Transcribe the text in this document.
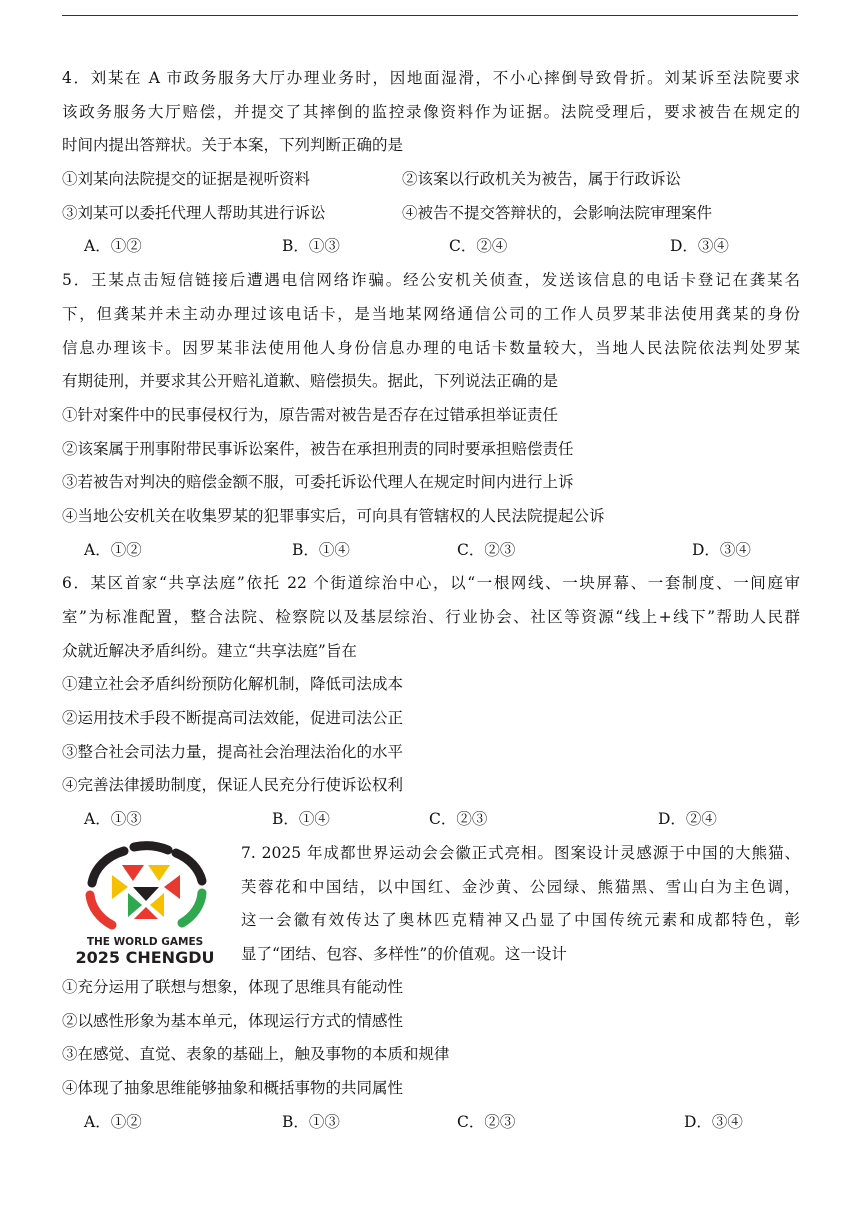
4．刘某在 A 市政务服务大厅办理业务时，因地面湿滑，不小心摔倒导致骨折。刘某诉至法院要求
该政务服务大厅赔偿，并提交了其摔倒的监控录像资料作为证据。法院受理后，要求被告在规定的
时间内提出答辩状。关于本案，下列判断正确的是
①刘某向法院提交的证据是视听资料	②该案以行政机关为被告，属于行政诉讼
③刘某可以委托代理人帮助其进行诉讼	④被告不提交答辩状的，会影响法院审理案件
A．①②	B．①③	C．②④	D．③④
5．王某点击短信链接后遭遇电信网络诈骗。经公安机关侦查，发送该信息的电话卡登记在龚某名
下，但龚某并未主动办理过该电话卡，是当地某网络通信公司的工作人员罗某非法使用龚某的身份
信息办理该卡。因罗某非法使用他人身份信息办理的电话卡数量较大，当地人民法院依法判处罗某
有期徒刑，并要求其公开赔礼道歉、赔偿损失。据此，下列说法正确的是
①针对案件中的民事侵权行为，原告需对被告是否存在过错承担举证责任
②该案属于刑事附带民事诉讼案件，被告在承担刑责的同时要承担赔偿责任
③若被告对判决的赔偿金额不服，可委托诉讼代理人在规定时间内进行上诉
④当地公安机关在收集罗某的犯罪事实后，可向具有管辖权的人民法院提起公诉
A．①②	B．①④	C．②③	D．③④
6．某区首家“共享法庭”依托 22 个街道综治中心，以“一根网线、一块屏幕、一套制度、一间庭审
室”为标准配置，整合法院、检察院以及基层综治、行业协会、社区等资源“线上+线下”帮助人民群
众就近解决矛盾纠纷。建立“共享法庭”旨在
①建立社会矛盾纠纷预防化解机制，降低司法成本
②运用技术手段不断提高司法效能，促进司法公正
③整合社会司法力量，提高社会治理法治化的水平
④完善法律援助制度，保证人民充分行使诉讼权利
A．①③	B．①④	C．②③	D．②④
THE WORLD GAMES
2025 CHENGDU
7. 2025 年成都世界运动会会徽正式亮相。图案设计灵感源于中国的大熊猫、
芙蓉花和中国结，以中国红、金沙黄、公园绿、熊猫黑、雪山白为主色调，
这一会徽有效传达了奥林匹克精神又凸显了中国传统元素和成都特色，彰
显了“团结、包容、多样性”的价值观。这一设计
①充分运用了联想与想象，体现了思维具有能动性
②以感性形象为基本单元，体现运行方式的情感性
③在感觉、直觉、表象的基础上，触及事物的本质和规律
④体现了抽象思维能够抽象和概括事物的共同属性
A．①②	B．①③	C．②③	D．③④
